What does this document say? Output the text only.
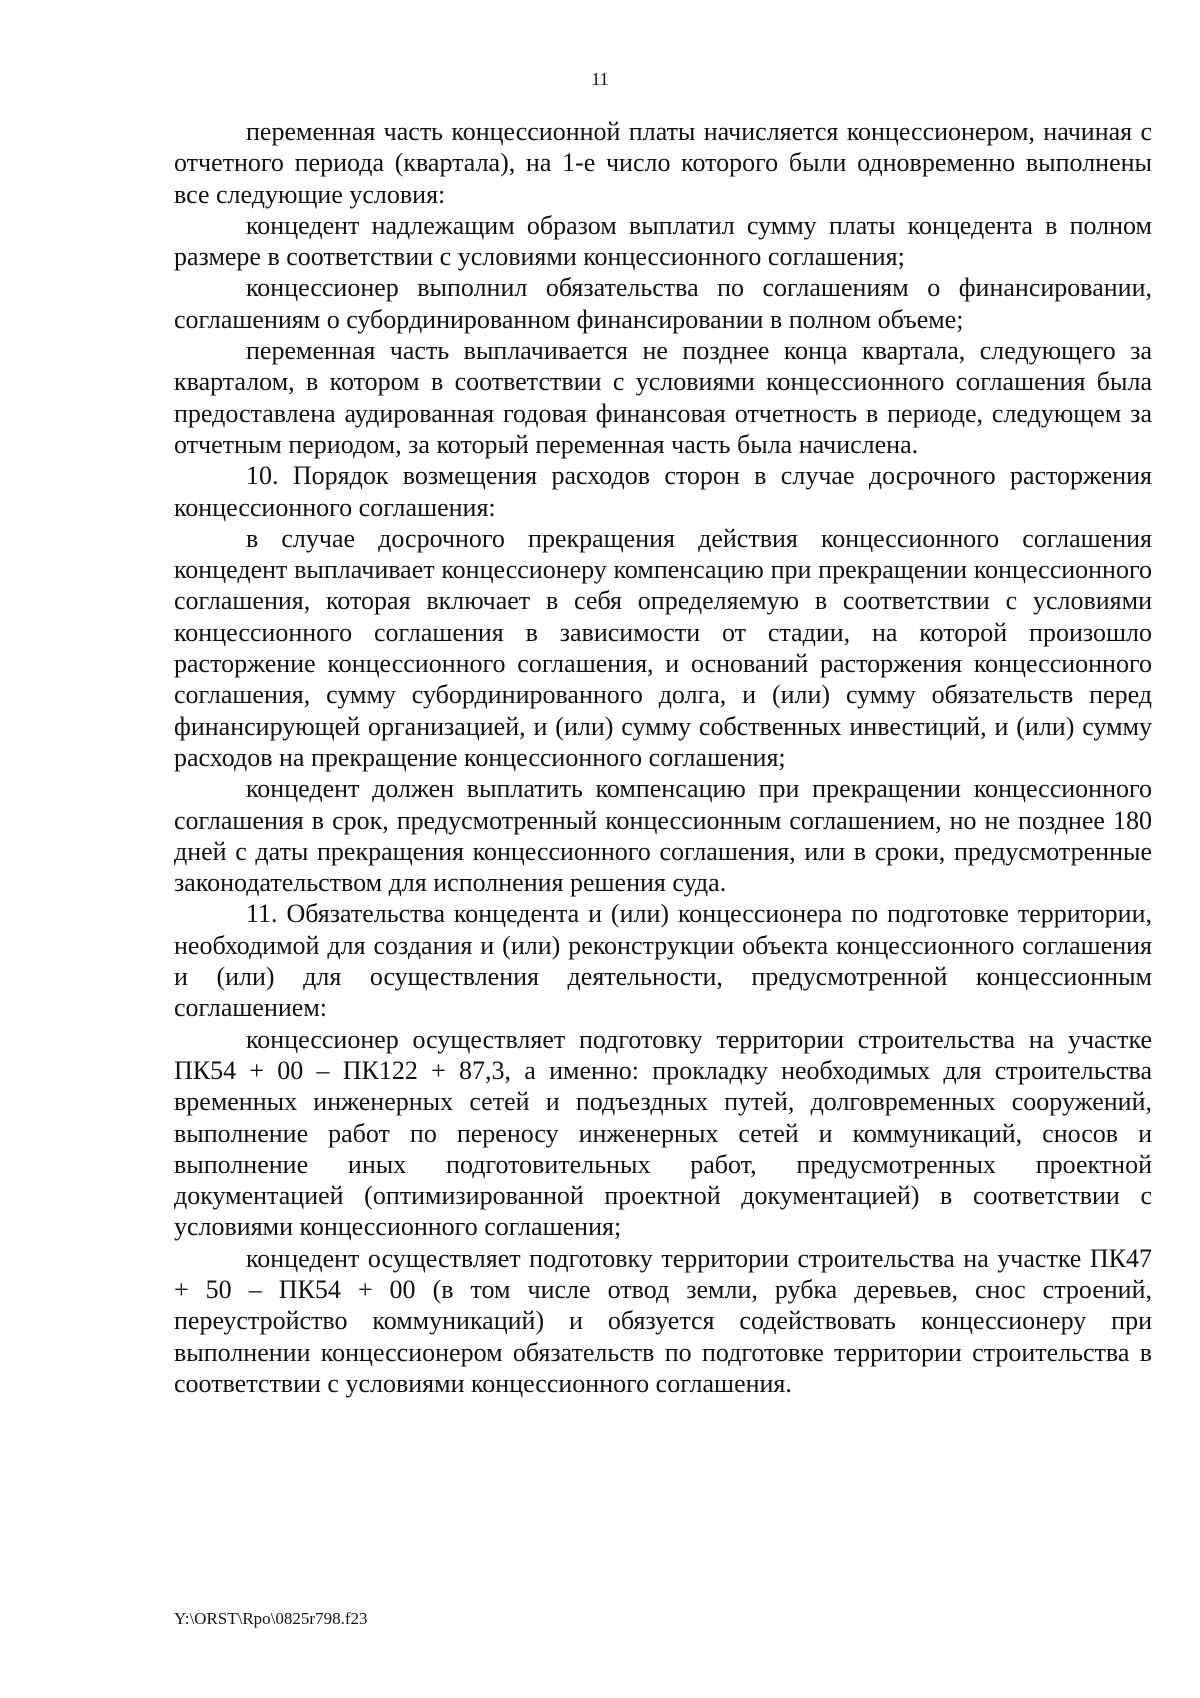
11

переменная часть концессионной платы начисляется концессионером, начиная с отчетного периода (квартала), на 1-е число которого были одновременно выполнены все следующие условия:

концедент надлежащим образом выплатил сумму платы концедента в полном размере в соответствии с условиями концессионного соглашения;

концессионер выполнил обязательства по соглашениям о финансировании, соглашениям о субординированном финансировании в полном объеме;

переменная часть выплачивается не позднее конца квартала, следующего за кварталом, в котором в соответствии с условиями концессионного соглашения была предоставлена аудированная годовая финансовая отчетность в периоде, следующем за отчетным периодом, за который переменная часть была начислена.

10. Порядок возмещения расходов сторон в случае досрочного расторжения концессионного соглашения:

в случае досрочного прекращения действия концессионного соглашения концедент выплачивает концессионеру компенсацию при прекращении концессионного соглашения, которая включает в себя определяемую в соответствии с условиями концессионного соглашения в зависимости от стадии, на которой произошло расторжение концессионного соглашения, и оснований расторжения концессионного соглашения, сумму субординированного долга, и (или) сумму обязательств перед финансирующей организацией, и (или) сумму собственных инвестиций, и (или) сумму расходов на прекращение концессионного соглашения;

концедент должен выплатить компенсацию при прекращении концессионного соглашения в срок, предусмотренный концессионным соглашением, но не позднее 180 дней с даты прекращения концессионного соглашения, или в сроки, предусмотренные законодательством для исполнения решения суда.

11. Обязательства концедента и (или) концессионера по подготовке территории, необходимой для создания и (или) реконструкции объекта концессионного соглашения и (или) для осуществления деятельности, предусмотренной концессионным соглашением:

концессионер осуществляет подготовку территории строительства на участке ПК54 + 00 – ПК122 + 87,3, а именно: прокладку необходимых для строительства временных инженерных сетей и подъездных путей, долговременных сооружений, выполнение работ по переносу инженерных сетей и коммуникаций, сносов и выполнение иных подготовительных работ, предусмотренных проектной документацией (оптимизированной проектной документацией) в соответствии с условиями концессионного соглашения;

концедент осуществляет подготовку территории строительства на участке ПК47 + 50 – ПК54 + 00 (в том числе отвод земли, рубка деревьев, снос строений, переустройство коммуникаций) и обязуется содействовать концессионеру при выполнении концессионером обязательств по подготовке территории строительства в соответствии с условиями концессионного соглашения.

Y:\ORST\Rpo\0825r798.f23
